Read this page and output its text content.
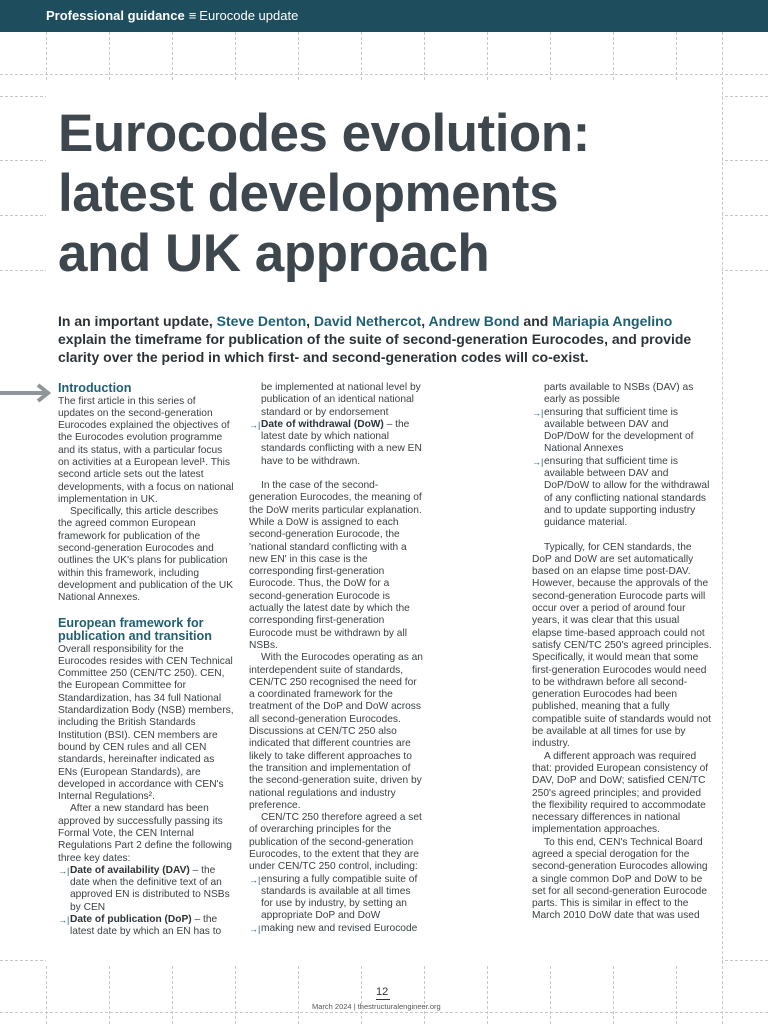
Professional guidance ≡ Eurocode update
Eurocodes evolution:
latest developments
and UK approach

In an important update, Steve Denton, David Nethercot, Andrew Bond and Mariapia Angelino explain the timeframe for publication of the suite of second-generation Eurocodes, and provide clarity over the period in which first- and second-generation codes will co-exist.

Introduction

The first article in this series of updates on the second-generation Eurocodes explained the objectives of the Eurocodes evolution programme and its status, with a particular focus on activities at a European level¹. This second article sets out the latest developments, with a focus on national implementation in UK.

Specifically, this article describes the agreed common European framework for publication of the second-generation Eurocodes and outlines the UK's plans for publication within this framework, including development and publication of the UK National Annexes.

European framework for publication and transition

Overall responsibility for the Eurocodes resides with CEN Technical Committee 250 (CEN/TC 250). CEN, the European Committee for Standardization, has 34 full National Standardization Body (NSB) members, including the British Standards Institution (BSI). CEN members are bound by CEN rules and all CEN standards, hereinafter indicated as ENs (European Standards), are developed in accordance with CEN's Internal Regulations².

After a new standard has been approved by successfully passing its Formal Vote, the CEN Internal Regulations Part 2 define the following three key dates:

→| Date of availability (DAV) – the date when the definitive text of an approved EN is distributed to NSBs by CEN

→| Date of publication (DoP) – the latest date by which an EN has to

be implemented at national level by publication of an identical national standard or by endorsement

→| Date of withdrawal (DoW) – the latest date by which national standards conflicting with a new EN have to be withdrawn.

In the case of the second-generation Eurocodes, the meaning of the DoW merits particular explanation. While a DoW is assigned to each second-generation Eurocode, the 'national standard conflicting with a new EN' in this case is the corresponding first-generation Eurocode. Thus, the DoW for a second-generation Eurocode is actually the latest date by which the corresponding first-generation Eurocode must be withdrawn by all NSBs.

With the Eurocodes operating as an interdependent suite of standards, CEN/TC 250 recognised the need for a coordinated framework for the treatment of the DoP and DoW across all second-generation Eurocodes. Discussions at CEN/TC 250 also indicated that different countries are likely to take different approaches to the transition and implementation of the second-generation suite, driven by national regulations and industry preference.

CEN/TC 250 therefore agreed a set of overarching principles for the publication of the second-generation Eurocodes, to the extent that they are under CEN/TC 250 control, including:

→| ensuring a fully compatible suite of standards is available at all times for use by industry, by setting an appropriate DoP and DoW

→| making new and revised Eurocode

parts available to NSBs (DAV) as early as possible

→| ensuring that sufficient time is available between DAV and DoP/DoW for the development of National Annexes

→| ensuring that sufficient time is available between DAV and DoP/DoW to allow for the withdrawal of any conflicting national standards and to update supporting industry guidance material.

Typically, for CEN standards, the DoP and DoW are set automatically based on an elapse time post-DAV. However, because the approvals of the second-generation Eurocode parts will occur over a period of around four years, it was clear that this usual elapse time-based approach could not satisfy CEN/TC 250's agreed principles. Specifically, it would mean that some first-generation Eurocodes would need to be withdrawn before all second-generation Eurocodes had been published, meaning that a fully compatible suite of standards would not be available at all times for use by industry.

A different approach was required that: provided European consistency of DAV, DoP and DoW; satisfied CEN/TC 250's agreed principles; and provided the flexibility required to accommodate necessary differences in national implementation approaches.

To this end, CEN's Technical Board agreed a special derogation for the second-generation Eurocodes allowing a single common DoP and DoW to be set for all second-generation Eurocode parts. This is similar in effect to the March 2010 DoW date that was used

12
March 2024 | thestructuralengineer.org
